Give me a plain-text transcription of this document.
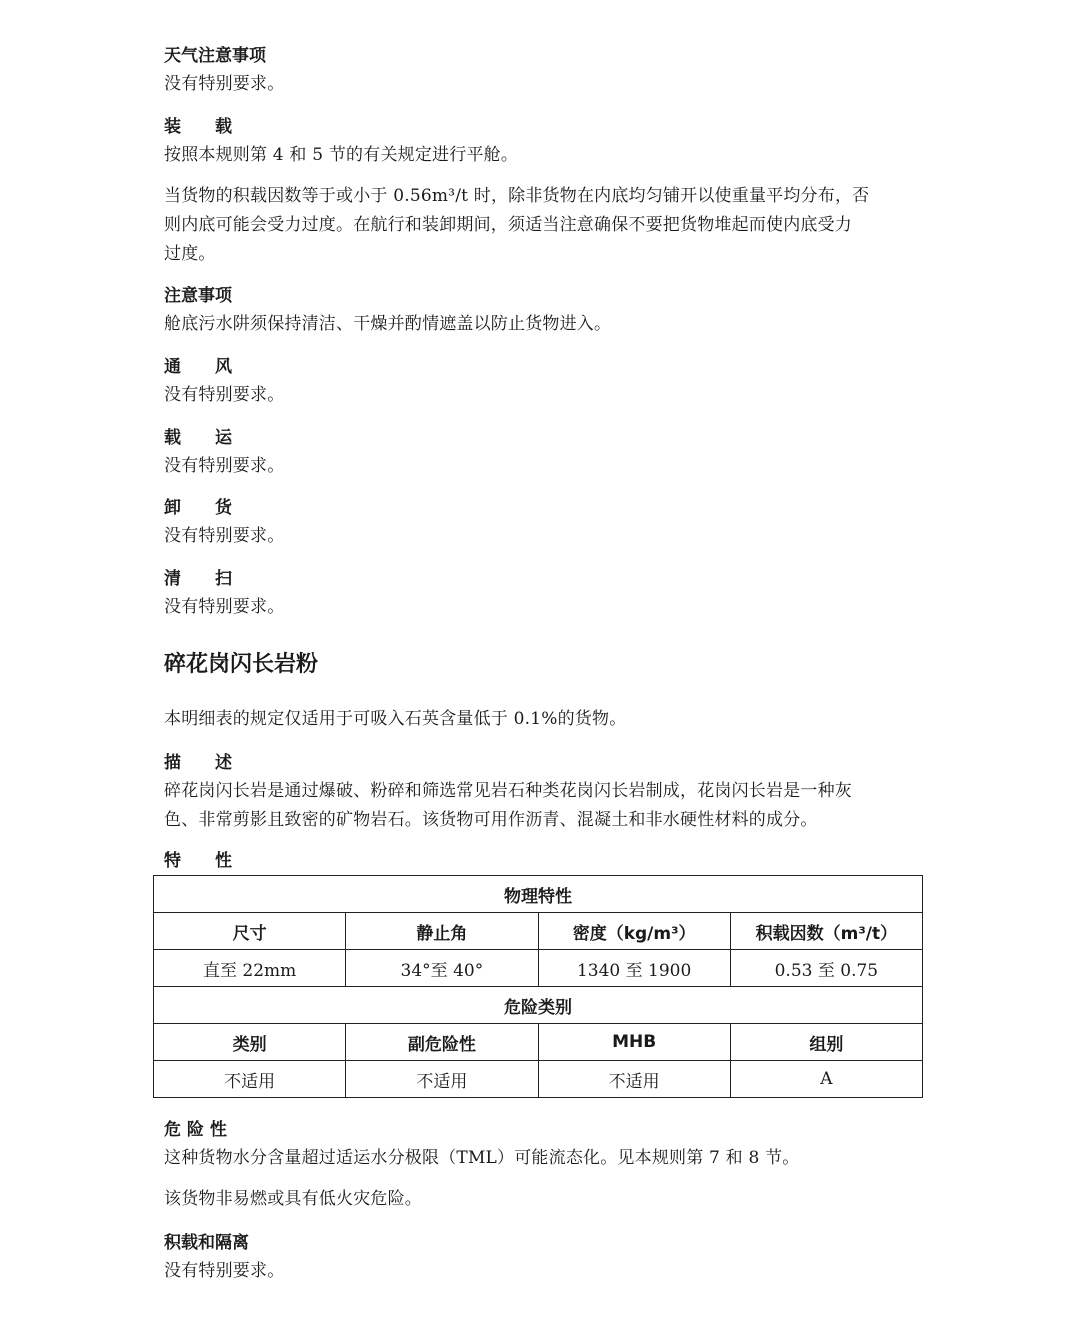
天气注意事项
没有特别要求。
装　　载
按照本规则第 4 和 5 节的有关规定进行平舱。
当货物的积载因数等于或小于 0.56m³/t 时，除非货物在内底均匀铺开以使重量平均分布，否
则内底可能会受力过度。在航行和装卸期间，须适当注意确保不要把货物堆起而使内底受力
过度。
注意事项
舱底污水阱须保持清洁、干燥并酌情遮盖以防止货物进入。
通　　风
没有特别要求。
载　　运
没有特别要求。
卸　　货
没有特别要求。
清　　扫
没有特别要求。
碎花岗闪长岩粉
本明细表的规定仅适用于可吸入石英含量低于 0.1%的货物。
描　　述
碎花岗闪长岩是通过爆破、粉碎和筛选常见岩石种类花岗闪长岩制成，花岗闪长岩是一种灰
色、非常剪影且致密的矿物岩石。该货物可用作沥青、混凝土和非水硬性材料的成分。
特　　性
物理特性			
尺寸	静止角	密度（kg/m³）	积载因数（m³/t）
直至 22mm	34°至 40°	1340 至 1900	0.53 至 0.75
危险类别			
类别	副危险性	MHB	组别
不适用	不适用	不适用	A
危 险 性
这种货物水分含量超过适运水分极限（TML）可能流态化。见本规则第 7 和 8 节。
该货物非易燃或具有低火灾危险。
积载和隔离
没有特别要求。
